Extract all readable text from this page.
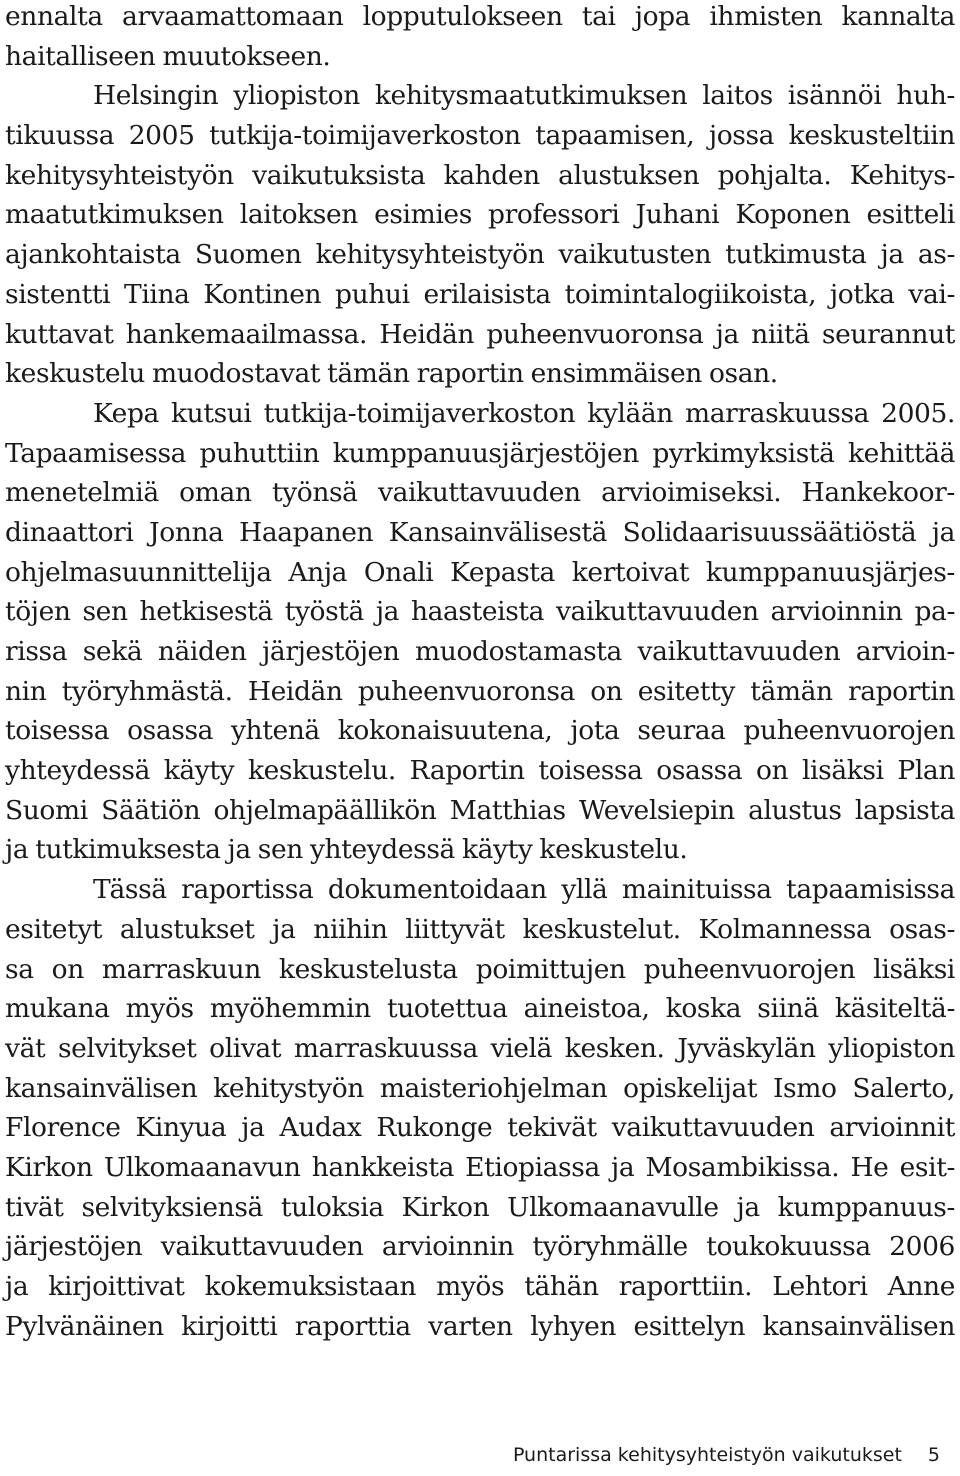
ennalta arvaamattomaan lopputulokseen tai jopa ihmisten kannalta
haitalliseen muutokseen.
Helsingin yliopiston kehitysmaatutkimuksen laitos isännöi huh-
tikuussa 2005 tutkija-toimijaverkoston tapaamisen, jossa keskusteltiin
kehitysyhteistyön vaikutuksista kahden alustuksen pohjalta. Kehitys-
maatutkimuksen laitoksen esimies professori Juhani Koponen esitteli
ajankohtaista Suomen kehitysyhteistyön vaikutusten tutkimusta ja as-
sistentti Tiina Kontinen puhui erilaisista toimintalogiikoista, jotka vai-
kuttavat hankemaailmassa. Heidän puheenvuoronsa ja niitä seurannut
keskustelu muodostavat tämän raportin ensimmäisen osan.
Kepa kutsui tutkija-toimijaverkoston kylään marraskuussa 2005.
Tapaamisessa puhuttiin kumppanuusjärjestöjen pyrkimyksistä kehittää
menetelmiä oman työnsä vaikuttavuuden arvioimiseksi. Hankekoor-
dinaattori Jonna Haapanen Kansainvälisestä Solidaarisuussäätiöstä ja
ohjelmasuunnittelija Anja Onali Kepasta kertoivat kumppanuusjärjes-
töjen sen hetkisestä työstä ja haasteista vaikuttavuuden arvioinnin pa-
rissa sekä näiden järjestöjen muodostamasta vaikuttavuuden arvioin-
nin työryhmästä. Heidän puheenvuoronsa on esitetty tämän raportin
toisessa osassa yhtenä kokonaisuutena, jota seuraa puheenvuorojen
yhteydessä käyty keskustelu. Raportin toisessa osassa on lisäksi Plan
Suomi Säätiön ohjelmapäällikön Matthias Wevelsiepin alustus lapsista
ja tutkimuksesta ja sen yhteydessä käyty keskustelu.
Tässä raportissa dokumentoidaan yllä mainituissa tapaamisissa
esitetyt alustukset ja niihin liittyvät keskustelut. Kolmannessa osas-
sa on marraskuun keskustelusta poimittujen puheenvuorojen lisäksi
mukana myös myöhemmin tuotettua aineistoa, koska siinä käsiteltä-
vät selvitykset olivat marraskuussa vielä kesken. Jyväskylän yliopiston
kansainvälisen kehitystyön maisteriohjelman opiskelijat Ismo Salerto,
Florence Kinyua ja Audax Rukonge tekivät vaikuttavuuden arvioinnit
Kirkon Ulkomaanavun hankkeista Etiopiassa ja Mosambikissa. He esit-
tivät selvityksiensä tuloksia Kirkon Ulkomaanavulle ja kumppanuus-
järjestöjen vaikuttavuuden arvioinnin työryhmälle toukokuussa 2006
ja kirjoittivat kokemuksistaan myös tähän raporttiin. Lehtori Anne
Pylvänäinen kirjoitti raporttia varten lyhyen esittelyn kansainvälisen
Puntarissa kehitysyhteistyön vaikutukset 5
